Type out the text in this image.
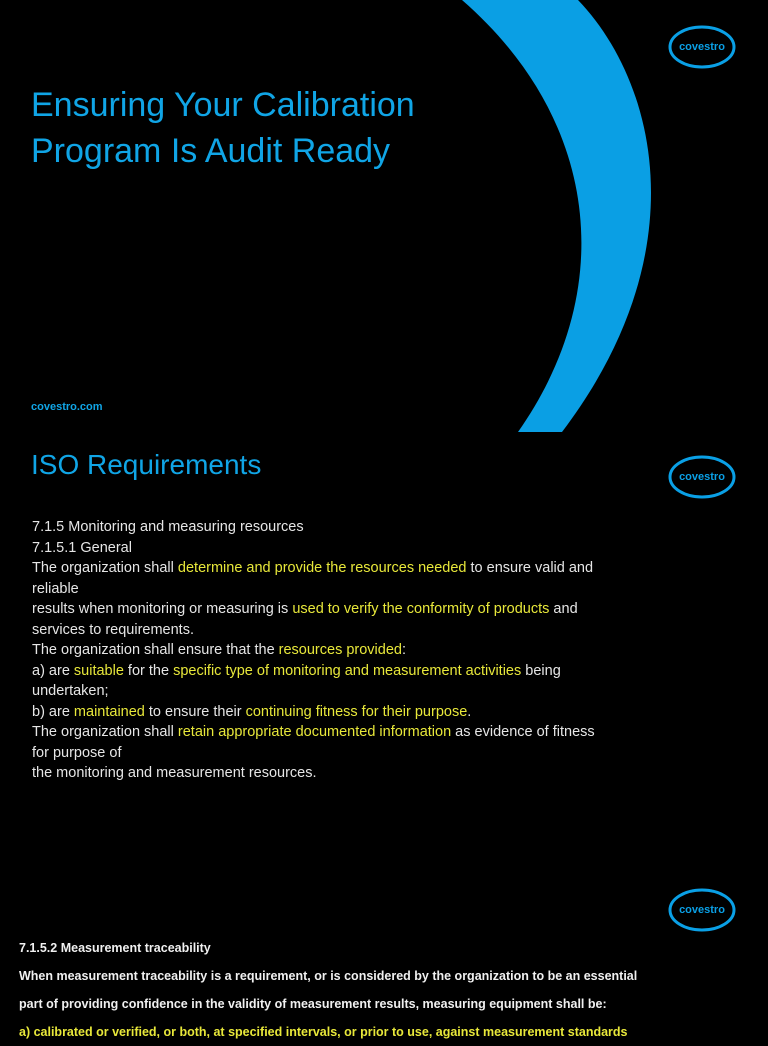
covestro
Ensuring Your Calibration
Program Is Audit Ready
covestro.com
ISO Requirements	covestro
7.1.5 Monitoring and measuring resources
7.1.5.1 General
The organization shall determine and provide the resources needed to ensure valid and
reliable
results when monitoring or measuring is used to verify the conformity of products and
services to requirements.
The organization shall ensure that the resources provided:
a) are suitable for the specific type of monitoring and measurement activities being
undertaken;
b) are maintained to ensure their continuing fitness for their purpose.
The organization shall retain appropriate documented information as evidence of fitness
for purpose of
the monitoring and measurement resources.
covestro
7.1.5.2 Measurement traceability
When measurement traceability is a requirement, or is considered by the organization to be an essential
part of providing confidence in the validity of measurement results, measuring equipment shall be:
a) calibrated or verified, or both, at specified intervals, or prior to use, against measurement standards
